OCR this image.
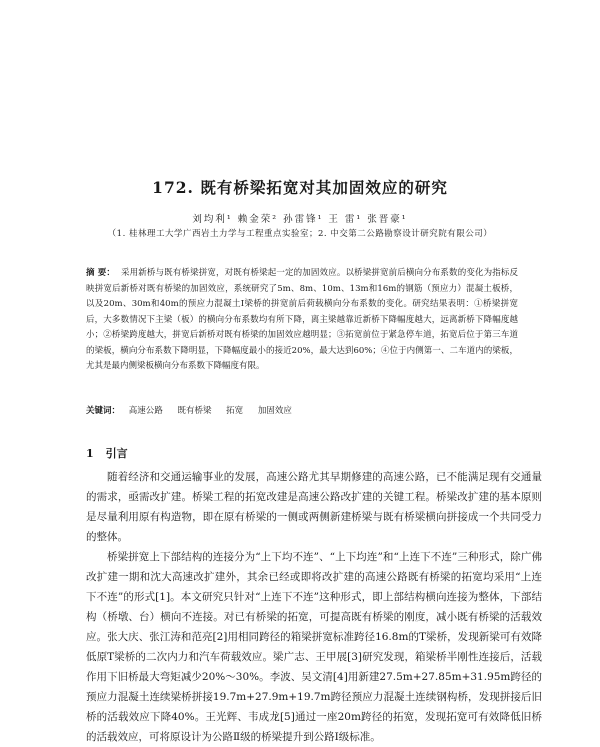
172. 既有桥梁拓宽对其加固效应的研究
刘均利¹ 赖金荣² 孙雷锋¹ 王 雷¹ 张晋豪¹
（1. 桂林理工大学广西岩土力学与工程重点实验室；2. 中交第二公路勘察设计研究院有限公司）
摘 要： 采用新桥与既有桥梁拼宽，对既有桥梁起一定的加固效应。以桥梁拼宽前后横向分布系数的变化为指标反映拼宽后新桥对既有桥梁的加固效应，系统研究了5m、8m、10m、13m和16m的钢筋（预应力）混凝土板桥，以及20m、30m和40m的预应力混凝土Ⅰ梁桥的拼宽前后荷载横向分布系数的变化。研究结果表明：①桥梁拼宽后，大多数情况下主梁（板）的横向分布系数均有所下降，离主梁越靠近新桥下降幅度越大，远离新桥下降幅度越小；②桥梁跨度越大，拼宽后新桥对既有桥梁的加固效应越明显；③拓宽前位于紧急停车道，拓宽后位于第三车道的梁板，横向分布系数下降明显，下降幅度最小的接近20%，最大达到60%；④位于内侧第一、二车道内的梁板，尤其是最内侧梁板横向分布系数下降幅度有限。
关键词： 高速公路 既有桥梁 拓宽 加固效应
1 引言

随着经济和交通运输事业的发展，高速公路尤其早期修建的高速公路，已不能满足现有交通量的需求，亟需改扩建。桥梁工程的拓宽改建是高速公路改扩建的关键工程。桥梁改扩建的基本原则是尽量利用原有构造物，即在原有桥梁的一侧或两侧新建桥梁与既有桥梁横向拼接成一个共同受力的整体。

桥梁拼宽上下部结构的连接分为“上下均不连”、“上下均连”和“上连下不连”三种形式，除广佛改扩建一期和沈大高速改扩建外，其余已经或即将改扩建的高速公路既有桥梁的拓宽均采用“上连下不连”的形式[1]。本文研究只针对“上连下不连”这种形式，即上部结构横向连接为整体，下部结构（桥墩、台）横向不连接。对已有桥梁的拓宽，可提高既有桥梁的刚度，减小既有桥梁的活载效应。张大庆、张江涛和范亮[2]用相同跨径的箱梁拼宽标准跨径16.8m的T梁桥，发现新梁可有效降低原T梁桥的二次内力和汽车荷载效应。梁广志、王甲展[3]研究发现，箱梁桥半刚性连接后，活载作用下旧桥最大弯矩减少20%～30%。李波、吴文清[4]用新建27.5m+27.85m+31.95m跨径的预应力混凝土连续梁桥拼接19.7m+27.9m+19.7m跨径预应力混凝土连续钢构桥，发现拼接后旧桥的活载效应下降40%。王光辉、韦成龙[5]通过一座20m跨径的拓宽，发现拓宽可有效降低旧桥的活载效应，可将原设计为公路Ⅱ级的桥梁提升到公路Ⅰ级标准。
